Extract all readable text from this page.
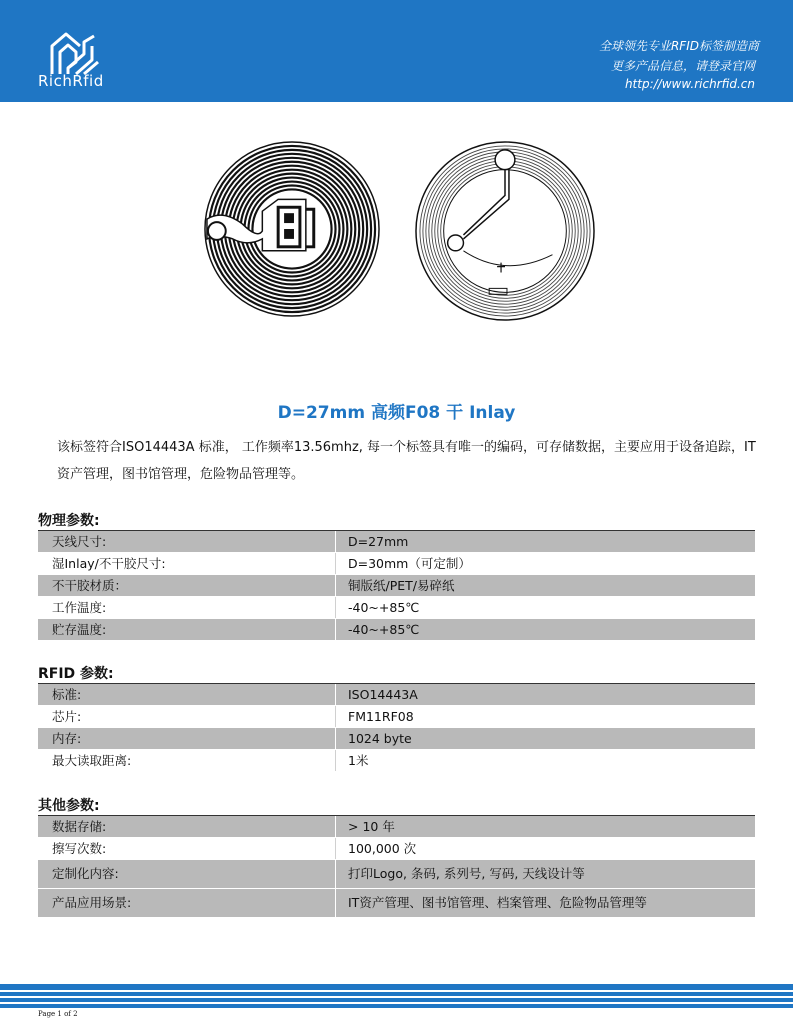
RichRfid
全球领先专业RFID标签制造商
更多产品信息，请登录官网
http://www.richrfid.cn
D=27mm 高频F08 干 Inlay
该标签符合ISO14443A 标准， 工作频率13.56mhz, 每一个标签具有唯一的编码，可存储数据，主要应用于设备追踪，IT 资产管理，图书馆管理，危险物品管理等。
物理参数:
天线尺寸:	D=27mm
湿Inlay/不干胶尺寸:	D=30mm（可定制）
不干胶材质：	铜版纸/PET/易碎纸
工作温度:	-40~+85℃
贮存温度:	-40~+85℃
RFID 参数:
标准:	ISO14443A
芯片:	FM11RF08
内存:	1024 byte
最大读取距离:	1米
其他参数:
数据存储:	> 10 年
擦写次数:	100,000 次
定制化内容:	打印Logo, 条码, 系列号, 写码, 天线设计等
产品应用场景:	IT资产管理、图书馆管理、档案管理、危险物品管理等
Page 1 of 2
